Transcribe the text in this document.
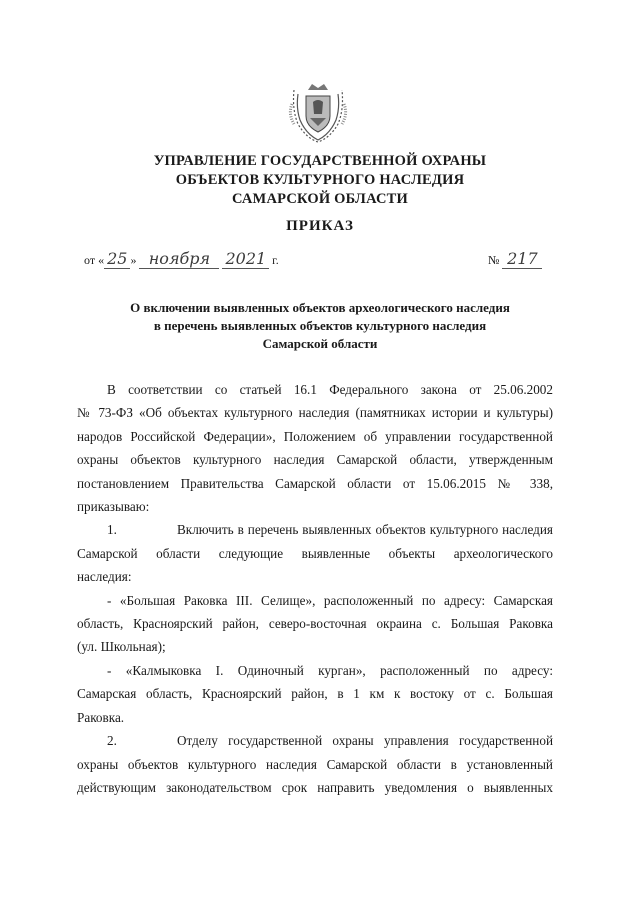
УПРАВЛЕНИЕ ГОСУДАРСТВЕННОЙ ОХРАНЫ
ОБЪЕКТОВ КУЛЬТУРНОГО НАСЛЕДИЯ
САМАРСКОЙ ОБЛАСТИ
ПРИКАЗ
от « 25 » ноября 2021 г.	№ 217
О включении выявленных объектов археологического наследия
в перечень выявленных объектов культурного наследия
Самарской области
В соответствии со статьей 16.1 Федерального закона от 25.06.2002
№ 73-ФЗ «Об объектах культурного наследия (памятниках истории и культуры)
народов Российской Федерации», Положением об управлении государственной
охраны объектов культурного наследия Самарской области, утвержденным
постановлением Правительства Самарской области от 15.06.2015 № 338,
приказываю:
1.	Включить в перечень выявленных объектов культурного наследия
Самарской области следующие выявленные объекты археологического
наследия:
- «Большая Раковка III. Селище», расположенный по адресу: Самарская
область, Красноярский район, северо-восточная окраина с. Большая Раковка
(ул. Школьная);
- «Калмыковка I. Одиночный курган», расположенный по адресу:
Самарская область, Красноярский район, в 1 км к востоку от с. Большая
Раковка.
2.	Отделу государственной охраны управления государственной
охраны объектов культурного наследия Самарской области в установленный
действующим законодательством срок направить уведомления о выявленных
